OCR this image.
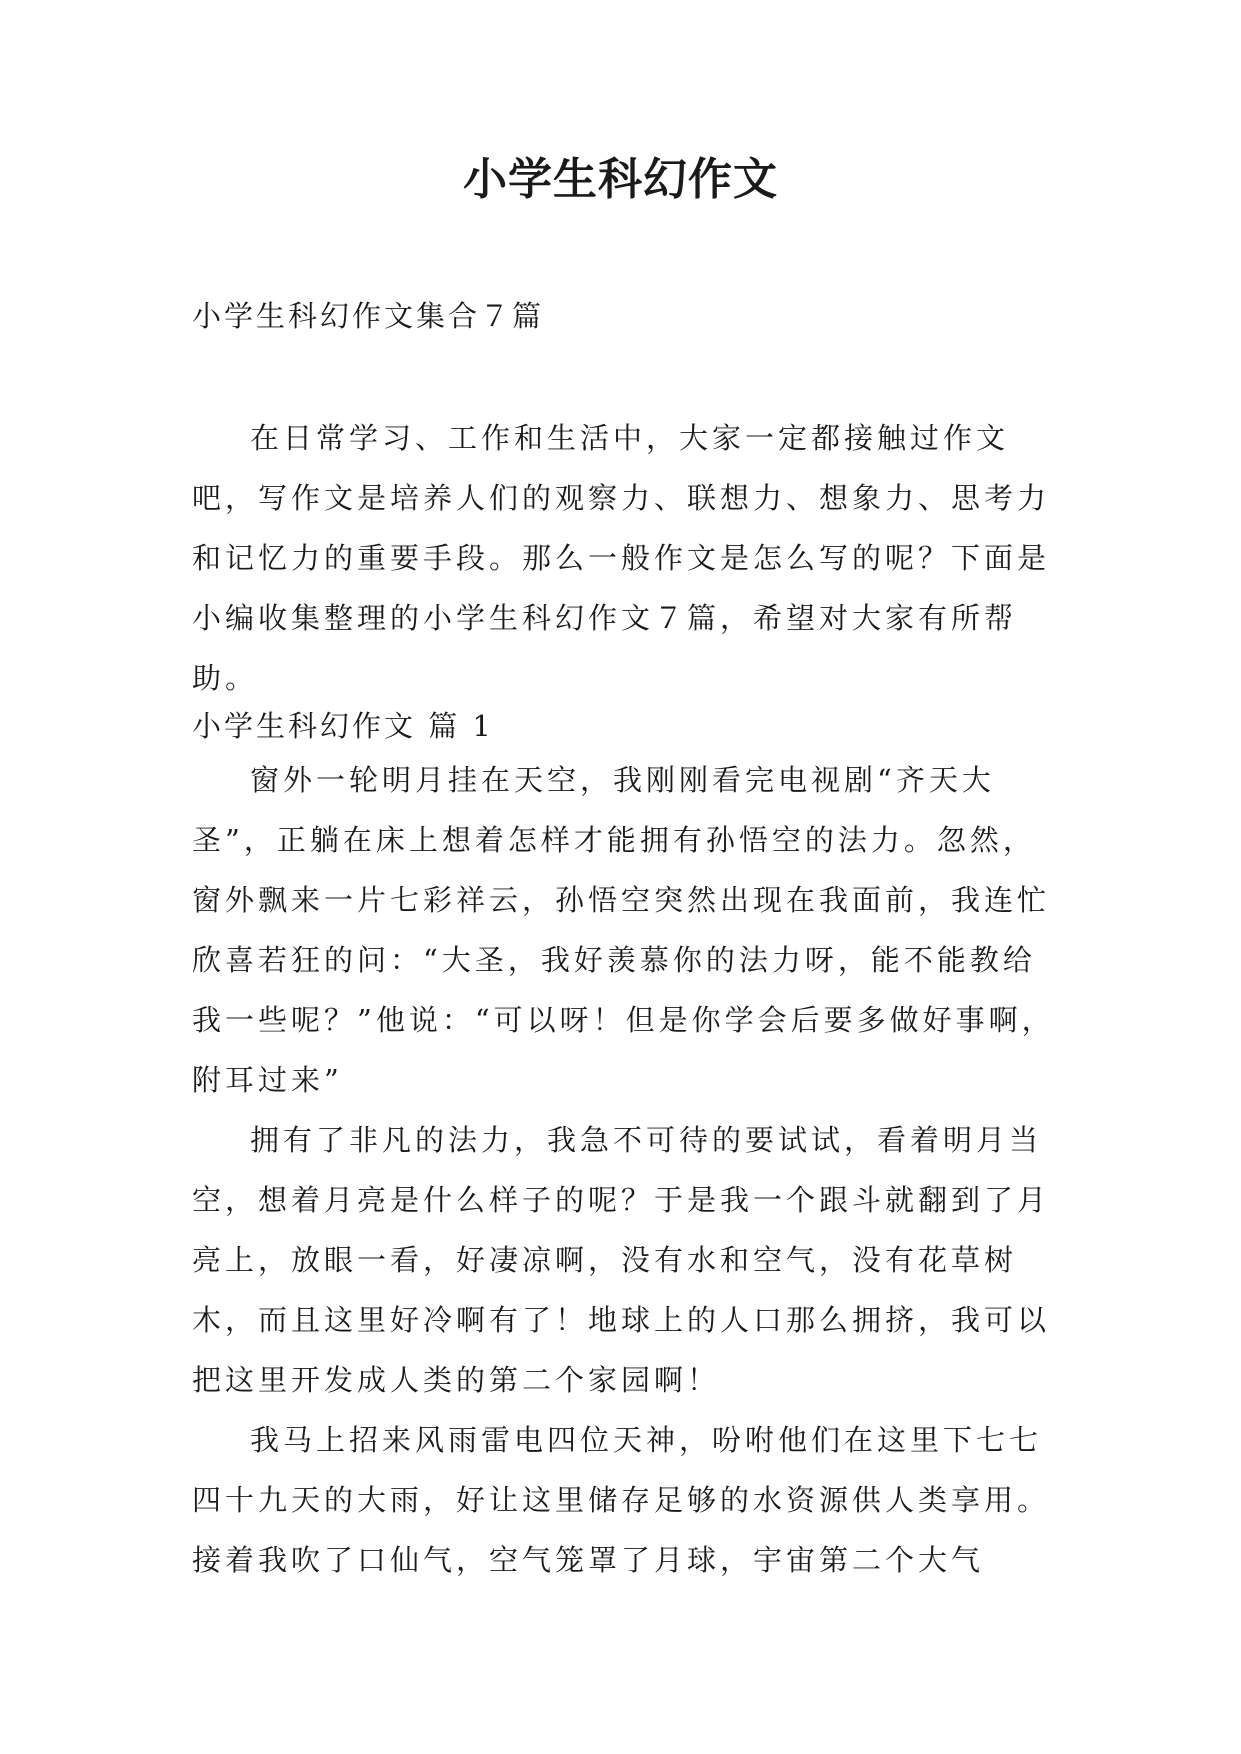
小学生科幻作文
小学生科幻作文集合７篇

在日常学习、工作和生活中，大家一定都接触过作文吧，写作文是培养人们的观察力、联想力、想象力、思考力和记忆力的重要手段。那么一般作文是怎么写的呢？下面是小编收集整理的小学生科幻作文７篇，希望对大家有所帮助。

小学生科幻作文 篇 1

窗外一轮明月挂在天空，我刚刚看完电视剧“齐天大圣”，正躺在床上想着怎样才能拥有孙悟空的法力。忽然，窗外飘来一片七彩祥云，孙悟空突然出现在我面前，我连忙欣喜若狂的问：“大圣，我好羡慕你的法力呀，能不能教给我一些呢？”他说：“可以呀！但是你学会后要多做好事啊，附耳过来”

拥有了非凡的法力，我急不可待的要试试，看着明月当空，想着月亮是什么样子的呢？于是我一个跟斗就翻到了月亮上，放眼一看，好凄凉啊，没有水和空气，没有花草树木，而且这里好冷啊有了！地球上的人口那么拥挤，我可以把这里开发成人类的第二个家园啊！

我马上招来风雨雷电四位天神，吩咐他们在这里下七七四十九天的大雨，好让这里储存足够的水资源供人类享用。接着我吹了口仙气，空气笼罩了月球，宇宙第二个大气
